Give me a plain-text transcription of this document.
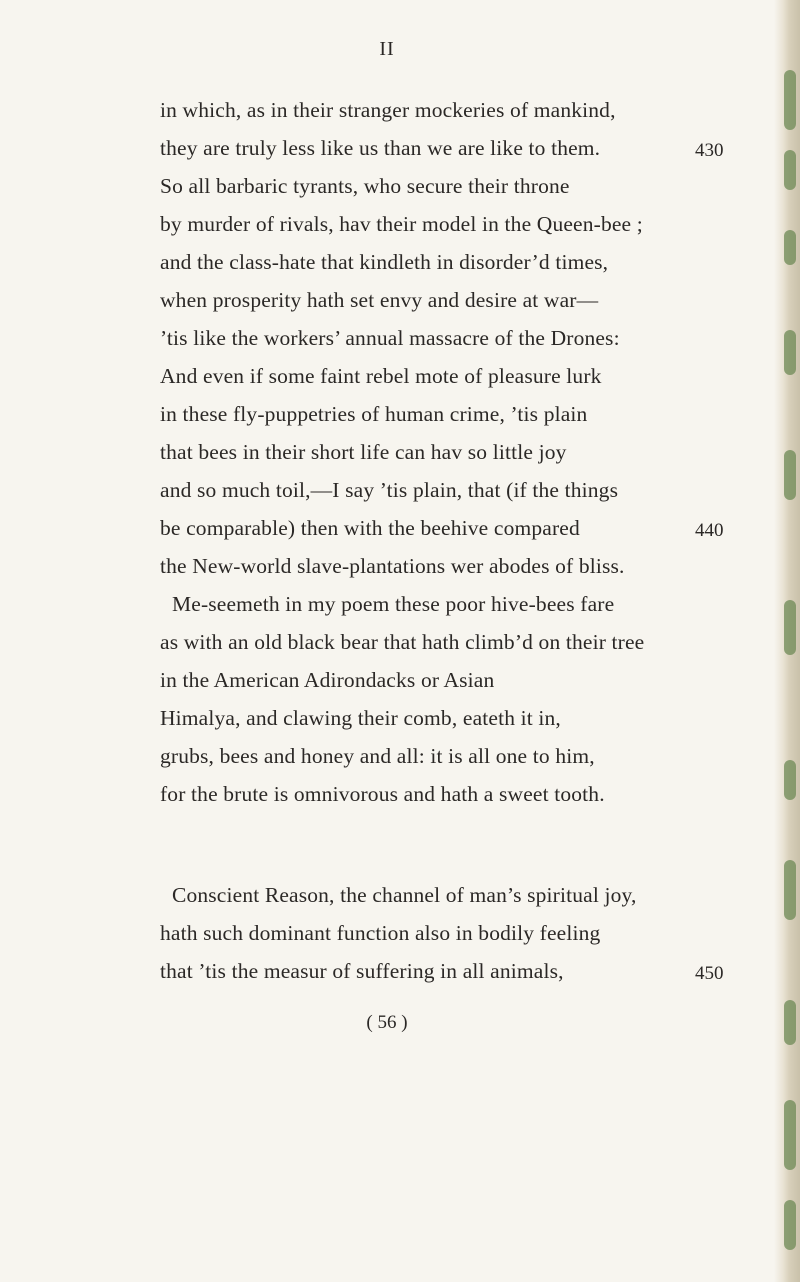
II
in which, as in their stranger mockeries of mankind,
they are truly less like us than we are like to them.
So all barbaric tyrants, who secure their throne
by murder of rivals, hav their model in the Queen-bee ;
and the class-hate that kindleth in disorder’d times,
when prosperity hath set envy and desire at war—
’tis like the workers’ annual massacre of the Drones:
And even if some faint rebel mote of pleasure lurk
in these fly-puppetries of human crime, ’tis plain
that bees in their short life can hav so little joy
and so much toil,—I say ’tis plain, that (if the things
be comparable) then with the beehive compared
the New-world slave-plantations wer abodes of bliss.
Me-seemeth in my poem these poor hive-bees fare
as with an old black bear that hath climb’d on their tree
in the American Adirondacks or Asian
Himalya, and clawing their comb, eateth it in,
grubs, bees and honey and all: it is all one to him,
for the brute is omnivorous and hath a sweet tooth.
Conscient Reason, the channel of man’s spiritual joy,
hath such dominant function also in bodily feeling
that ’tis the measur of suffering in all animals,
430
440
450
( 56 )
